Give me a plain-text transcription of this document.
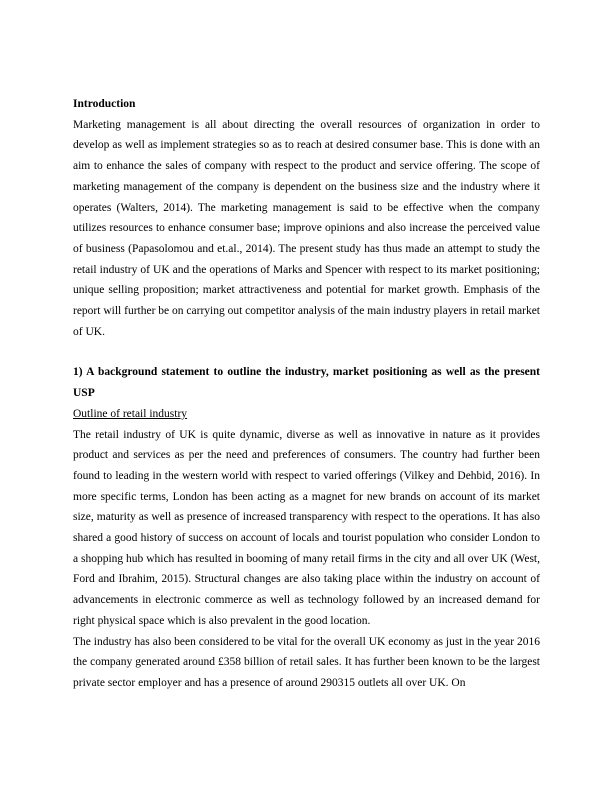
Introduction

Marketing management is all about directing the overall resources of organization in order to develop as well as implement strategies so as to reach at desired consumer base. This is done with an aim to enhance the sales of company with respect to the product and service offering. The scope of marketing management of the company is dependent on the business size and the industry where it operates (Walters, 2014). The marketing management is said to be effective when the company utilizes resources to enhance consumer base; improve opinions and also increase the perceived value of business (Papasolomou and et.al., 2014). The present study has thus made an attempt to study the retail industry of UK and the operations of Marks and Spencer with respect to its market positioning; unique selling proposition; market attractiveness and potential for market growth. Emphasis of the report will further be on carrying out competitor analysis of the main industry players in retail market of UK.

1) A background statement to outline the industry, market positioning as well as the present USP
Outline of retail industry

The retail industry of UK is quite dynamic, diverse as well as innovative in nature as it provides product and services as per the need and preferences of consumers. The country had further been found to leading in the western world with respect to varied offerings (Vilkey and Dehbid, 2016). In more specific terms, London has been acting as a magnet for new brands on account of its market size, maturity as well as presence of increased transparency with respect to the operations. It has also shared a good history of success on account of locals and tourist population who consider London to a shopping hub which has resulted in booming of many retail firms in the city and all over UK (West, Ford and Ibrahim, 2015). Structural changes are also taking place within the industry on account of advancements in electronic commerce as well as technology followed by an increased demand for right physical space which is also prevalent in the good location.

The industry has also been considered to be vital for the overall UK economy as just in the year 2016 the company generated around £358 billion of retail sales. It has further been known to be the largest private sector employer and has a presence of around 290315 outlets all over UK. On
